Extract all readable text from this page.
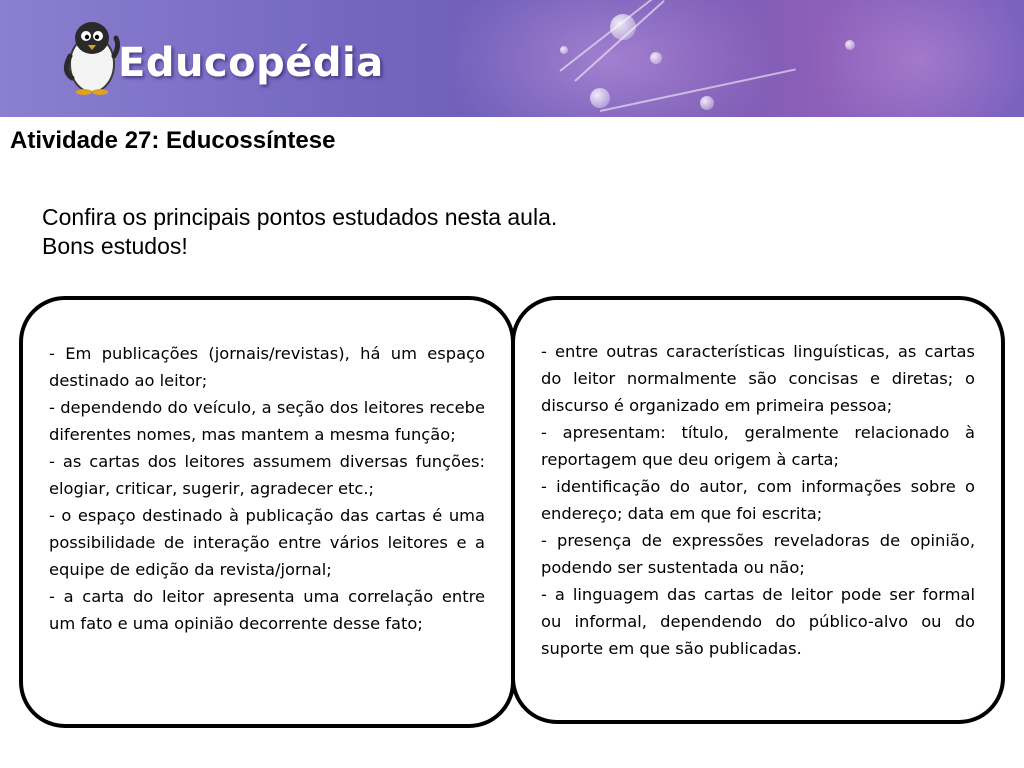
Educopédia
Atividade 27: Educossíntese
Confira os principais pontos estudados nesta aula.
Bons estudos!

- Em publicações (jornais/revistas), há um espaço destinado ao leitor;

- dependendo do veículo, a seção dos leitores recebe diferentes nomes, mas mantem a mesma função;

- as cartas dos leitores assumem diversas funções: elogiar, criticar, sugerir, agradecer etc.;

- o espaço destinado à publicação das cartas é uma possibilidade de interação entre vários leitores e a equipe de edição da revista/jornal;

- a carta do leitor apresenta uma correlação entre um fato e uma opinião decorrente desse fato;

- entre outras características linguísticas, as cartas do leitor normalmente são concisas e diretas; o discurso é organizado em primeira pessoa;

- apresentam: título, geralmente relacionado à reportagem que deu origem à carta;

- identificação do autor, com informações sobre o endereço; data em que foi escrita;

- presença de expressões reveladoras de opinião, podendo ser sustentada ou não;

- a linguagem das cartas de leitor pode ser formal ou informal, dependendo do público-alvo ou do suporte em que são publicadas.
